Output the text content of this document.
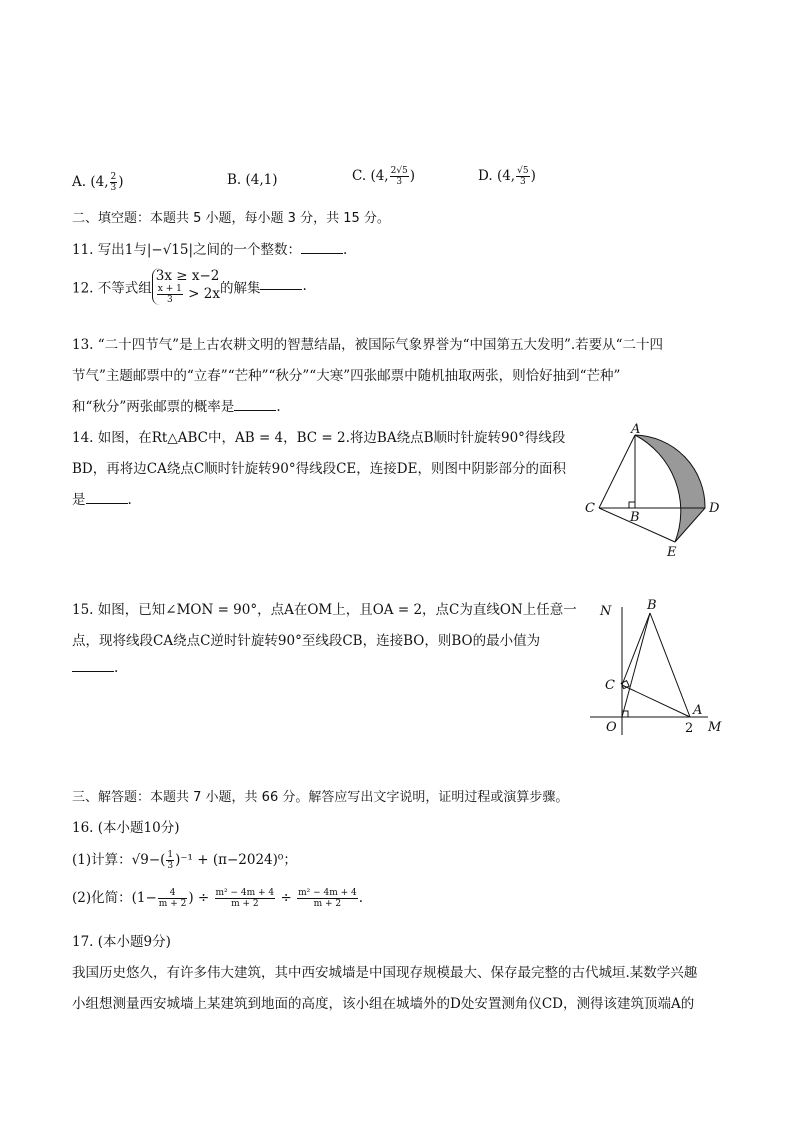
A. (4, $\frac{2}{3}$ )	B. (4,1)	C. (4, $\frac{2√5}{3}$ )	D. (4, $\frac{√5}{3}$ )
二、填空题：本题共 5 小题，每小题 3 分，共 15 分。
11. 写出1与|−√15|之间的一个整数：	.
12. 不等式组
3x ≥ x−2
$\frac{x + 1}{3} > 2x$ 的解集	.
13. “二十四节气”是上古农耕文明的智慧结晶，被国际气象界誉为“中国第五大发明”.若要从“二十四
节气”主题邮票中的“立春”“芒种”“秋分”“大寒”四张邮票中随机抽取两张，则恰好抽到“芒种”
和“秋分”两张邮票的概率是	.
14. 如图，在Rt△ABC中，AB = 4，BC = 2.将边BA绕点B顺时针旋转90°得线段
BD，再将边CA绕点C顺时针旋转90°得线段CE，连接DE，则图中阴影部分的面积
是	.
A
C
B
D
E
15. 如图，已知∠MON = 90°，点A在OM上，且OA = 2，点C为直线ON上任意一
点，现将线段CA绕点C逆时针旋转90°至线段CB，连接BO，则BO的最小值为
.
N	B
C
O
A
2 M
三、解答题：本题共 7 小题，共 66 分。解答应写出文字说明，证明过程或演算步骤。
16. (本小题10分)
(1)计算：$√9-( \frac{1}{3} )^{-1} + (\pi-2024)^0$；
(2)化简：($1- \frac{4}{m + 2}$ ) ÷ $\frac{\text{m² − 4m + 4}}{m + 2} \div \frac{\text{m² − 4m + 4}}{m + 2}$ .
17. (本小题9分)
我国历史悠久，有许多伟大建筑，其中西安城墙是中国现存规模最大、保存最完整的古代城垣.某数学兴趣
小组想测量西安城墙上某建筑到地面的高度，该小组在城墙外的D处安置测角仪CD，测得该建筑顶端A的
